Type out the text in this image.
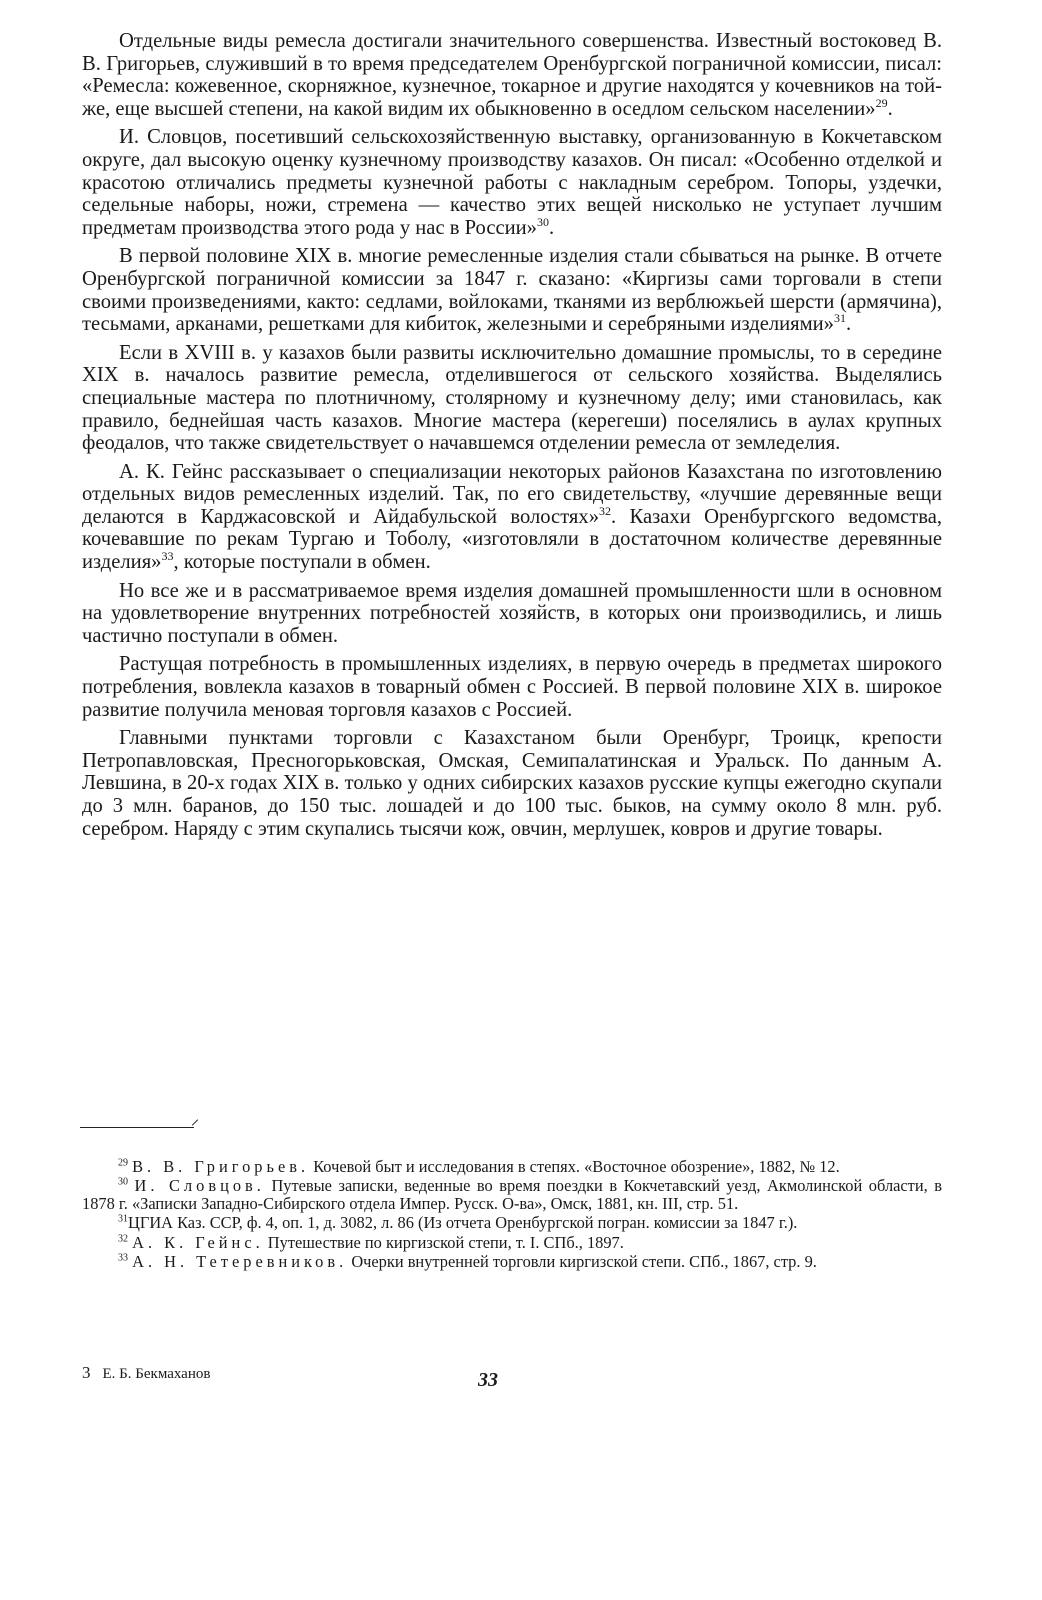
Отдельные виды ремесла достигали значительного совершенства. Известный востоковед В. В. Григорьев, служивший в то время председателем Оренбургской пограничной комиссии, писал: «Ремесла: кожевенное, скорняжное, кузнечное, токарное и другие находятся у кочевников на той-же, еще высшей степени, на какой видим их обыкновенно в оседлом сельском населении»$^{29}$.

И. Словцов, посетивший сельскохозяйственную выставку, организованную в Кокчетавском округе, дал высокую оценку кузнечному производству казахов. Он писал: «Особенно отделкой и красотою отличались предметы кузнечной работы с накладным серебром. Топоры, уздечки, седельные наборы, ножи, стремена — качество этих вещей нисколько не уступает лучшим предметам производства этого рода у нас в России»$^{30}$.

В первой половине XIX в. многие ремесленные изделия стали сбываться на рынке. В отчете Оренбургской пограничной комиссии за 1847 г. сказано: «Киргизы сами торговали в степи своими произведениями, както: седлами, войлоками, тканями из верблюжьей шерсти (армячина), тесьмами, арканами, решетками для кибиток, железными и серебряными изделиями»$^{31}$.

Если в XVIII в. у казахов были развиты исключительно домашние промыслы, то в середине XIX в. началось развитие ремесла, отделившегося от сельского хозяйства. Выделялись специальные мастера по плотничному, столярному и кузнечному делу; ими становилась, как правило, беднейшая часть казахов. Многие мастера (керегеши) поселялись в аулах крупных феодалов, что также свидетельствует о начавшемся отделении ремесла от земледелия.

А. К. Гейнс рассказывает о специализации некоторых районов Казахстана по изготовлению отдельных видов ремесленных изделий. Так, по его свидетельству, «лучшие деревянные вещи делаются в Карджасовской и Айдабульской волостях»$^{32}$. Казахи Оренбургского ведомства, кочевавшие по рекам Тургаю и Тоболу, «изготовляли в достаточном количестве деревянные изделия»$^{33}$, которые поступали в обмен.

Но все же и в рассматриваемое время изделия домашней промышленности шли в основном на удовлетворение внутренних потребностей хозяйств, в которых они производились, и лишь частично поступали в обмен.

Растущая потребность в промышленных изделиях, в первую очередь в предметах широкого потребления, вовлекла казахов в товарный обмен с Россией. В первой половине XIX в. широкое развитие получила меновая торговля казахов с Россией.

Главными пунктами торговли с Казахстаном были Оренбург, Троицк, крепости Петропавловская, Пресногорьковская, Омская, Семипалатинская и Уральск. По данным А. Левшина, в 20-х годах XIX в. только у одних сибирских казахов русские купцы ежегодно скупали до 3 млн. баранов, до 150 тыс. лошадей и до 100 тыс. быков, на сумму около 8 млн. руб. серебром. Наряду с этим скупались тысячи кож, овчин, мерлушек, ковров и другие товары.

$^{29}$ В. В. Григорьев. Кочевой быт и исследования в степях. «Восточное обозрение», 1882, № 12.

$^{30}$ И. Словцов. Путевые записки, веденные во время поездки в Кокчетавский уезд, Акмолинской области, в 1878 г. «Записки Западно-Сибирского отдела Импер. Русск. О-ва», Омск, 1881, кн. III, стр. 51.

$^{31}$ЦГИА Каз. ССР, ф. 4, оп. 1, д. 3082, л. 86 (Из отчета Оренбургской погран. комиссии за 1847 г.).

$^{32}$ А. К. Гейнс. Путешествие по киргизской степи, т. I. СПб., 1897.

$^{33}$ А. Н. Тетеревников. Очерки внутренней торговли киргизской степи. СПб., 1867, стр. 9.

3 Е. Б. Бекмаханов	33
